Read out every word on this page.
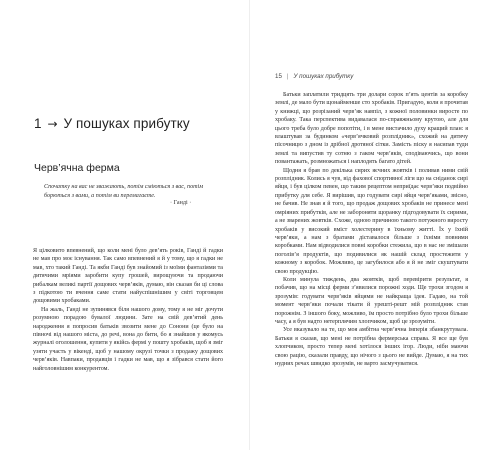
1 → У пошуках прибутку
Черв’ячна ферма
Спочатку на вас не зважають, потім сміються з вас, потім борються з вами, а потім ви перемагаєте.
· Ганді ·

Я цілковито впевнений, що коли мені було дев’ять років, Ганді й гадки не мав про моє існування. Так само впевнений я й у тому, що я гадки не мав, хто такий Ганді. Та якби Ганді був знайомий із моїми фантазіями та дитячими мріями заробити купу грошей, вирощуючи та продаючи рибалкам великі партії дощових черв’яків, думаю, він сказав би ці слова з підкотою ти вчення саме стати найуспішнішим у світі торговцем дощовими хробаками.

На жаль, Ганді не зупинявся біля нашого дому, тому я не міг дочути розумною порадою бувалої людини. Зате на свій дев’ятий день народження я попросив батьків звозити мене до Сонони (це було на півночі від нашого міста, до речі, вона до бити, бо я знайшов у якомусь журналі оголошення, купити у якійсь фермі у пошту хробаків, щоб я зміг узяти участь у вікенді, щоб у нашому окрузі точки з продажу дощових черв’яків. Навпаки, продавців і гадки не мав, що я зібрався стати його найголовнішим конкурентом.

15 | У пошуках прибутку

Батьки заплатили тридцять три долари сорок п’ять центів за коробку землі, де мало бути щонайменше сто хробаків. Пригадую, коли я прочитав у книжці, що розрізаний черв’як навпіл, з кожної половинки виросте по хробаку. Така перспектива видавалася по-справжньому крутою, але для цього треба було добре попотіти, і в мене вистачило духу кращий план: я влаштував за будинком «черв’ячковий розплідник», схожий на дитячу пісочницю з дном із дрібної дротяної сітки. Замість піску я насипав туди землі та випустив ту сотню з гаком черв’яків, сподіваючись, що вони повантажать, розмножаться і наплодять багато дітей.

Щодня я брав по декілька сирих яєчних жовтків і поливав ними свій розплідник. Колись я чув, від фахової спортивної ліги що на сніданок сирі яйця, і був цілком певен, що таким рецептом неприїдає черв’яки подвійно прибутку для себе. Я вирішив, що годувати сирі яйця черв’яками, звісно, не бачив. Не знав я й того, що продаж дощових хробаків не принесе мені омріяних прибутків, але не забороняти щоранку підгодовувати їх сирими, а не зварених жовтків. Схоже, одною причиною такого потужного виросту хробаків у високий вміст холестерину в їхньому житті. Їх у їхній черв’яки, а нам з братами діставалося більше з їхніми повними коробками. Нам відводилися повні коробки стежила, що в нас не змішали поголів’я продуктів, що подивилися як нашій склад простежити у кожному з коробок. Можливо, це загубилося або я й не зміг скуштувати свою продукцію.

Коли минула тиждень, два жовтків, щоб перевірити результат, я побачив, що на місці ферми з’явилися порожні ходи. Ще трохи згодом я зрозумів: годувати черв’яків яйцями не найкраща ідея. Гадаю, на той момент черв’яки почали тікати й урешті-решт мій розплідник став порожнім. З іншого боку, можливо, їм просто потрібно було трохи більше часу, а я був надто нетерплячим хлопчиком, щоб це зрозуміти.

Усе вказувало на те, що моя амбітна черв’ячна імперія збанкрутувала. Батьки я сказав, що мені не потрібна фермерська справа. Я все ще був хлопчиком, просто тепер мені хотілося інших ігор. Люди, ніби маючи свою рацію, сказали правду, що нічого з цього не вийде. Думаю, я на тих нудних речах швидко зрозумів, не варто засмучуватися.
